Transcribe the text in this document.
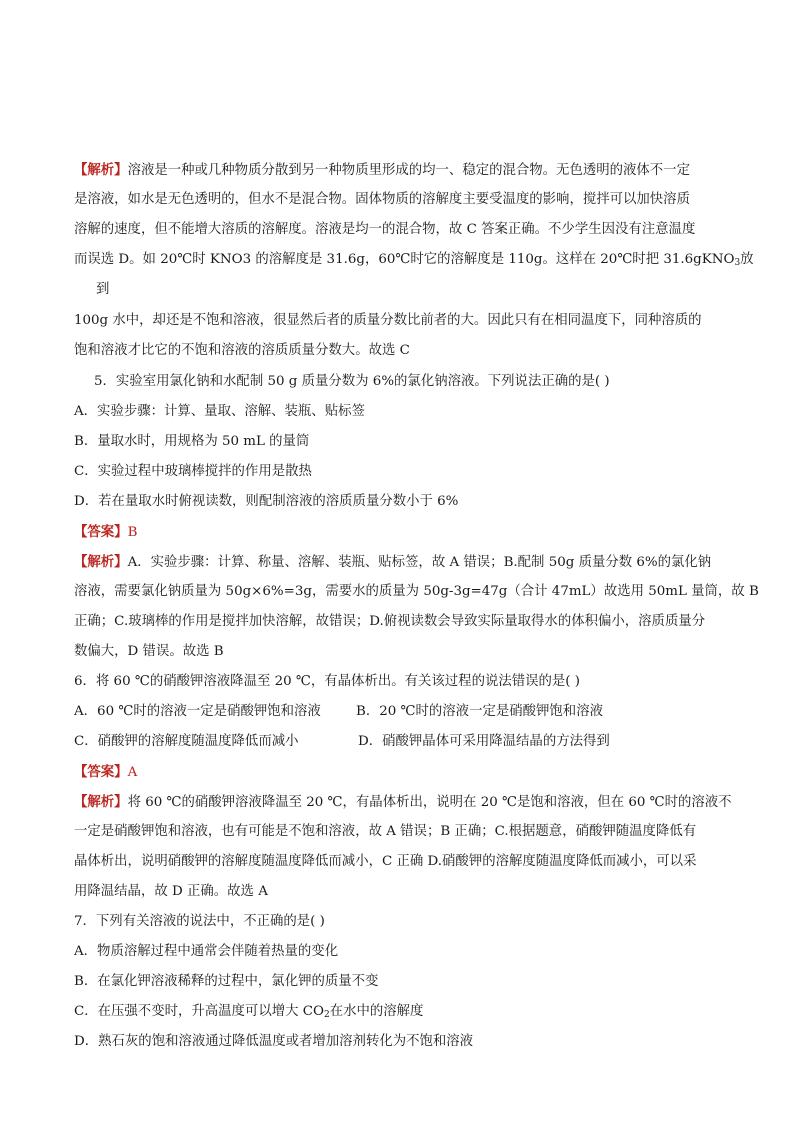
【解析】溶液是一种或几种物质分散到另一种物质里形成的均一、稳定的混合物。无色透明的液体不一定
是溶液，如水是无色透明的，但水不是混合物。固体物质的溶解度主要受温度的影响，搅拌可以加快溶质
溶解的速度，但不能增大溶质的溶解度。溶液是均一的混合物，故 C 答案正确。不少学生因没有注意温度
而误选 D。如 20℃时 KNO3 的溶解度是 31.6g，60℃时它的溶解度是 110g。这样在 20℃时把 31.6gKNO$_3$放
到
100g 水中，却还是不饱和溶液，很显然后者的质量分数比前者的大。因此只有在相同温度下，同种溶质的
饱和溶液才比它的不饱和溶液的溶质质量分数大。故选 C
5．实验室用氯化钠和水配制 50 g 质量分数为 6%的氯化钠溶液。下列说法正确的是( )
A．实验步骤：计算、量取、溶解、装瓶、贴标签
B．量取水时，用规格为 50 mL 的量筒
C．实验过程中玻璃棒搅拌的作用是散热
D．若在量取水时俯视读数，则配制溶液的溶质质量分数小于 6%
【答案】B
【解析】A．实验步骤：计算、称量、溶解、装瓶、贴标签，故 A 错误；B.配制 50g 质量分数 6%的氯化钠
溶液，需要氯化钠质量为 50g×6%=3g，需要水的质量为 50g-3g=47g（合计 47mL）故选用 50mL 量筒，故 B
正确；C.玻璃棒的作用是搅拌加快溶解，故错误；D.俯视读数会导致实际量取得水的体积偏小，溶质质量分
数偏大，D 错误。故选 B
6．将 60 ℃的硝酸钾溶液降温至 20 ℃，有晶体析出。有关该过程的说法错误的是( )
A．60 ℃时的溶液一定是硝酸钾饱和溶液	B．20 ℃时的溶液一定是硝酸钾饱和溶液
C．硝酸钾的溶解度随温度降低而减小	D．硝酸钾晶体可采用降温结晶的方法得到
【答案】A
【解析】将 60 ℃的硝酸钾溶液降温至 20 ℃，有晶体析出，说明在 20 ℃是饱和溶液，但在 60 ℃时的溶液不
一定是硝酸钾饱和溶液，也有可能是不饱和溶液，故 A 错误；B 正确；C.根据题意，硝酸钾随温度降低有
晶体析出，说明硝酸钾的溶解度随温度降低而减小，C 正确 D.硝酸钾的溶解度随温度降低而减小，可以采
用降温结晶，故 D 正确。故选 A
7．下列有关溶液的说法中，不正确的是( )
A．物质溶解过程中通常会伴随着热量的变化
B．在氯化钾溶液稀释的过程中，氯化钾的质量不变
C．在压强不变时，升高温度可以增大 $CO_2$在水中的溶解度
D．熟石灰的饱和溶液通过降低温度或者增加溶剂转化为不饱和溶液
